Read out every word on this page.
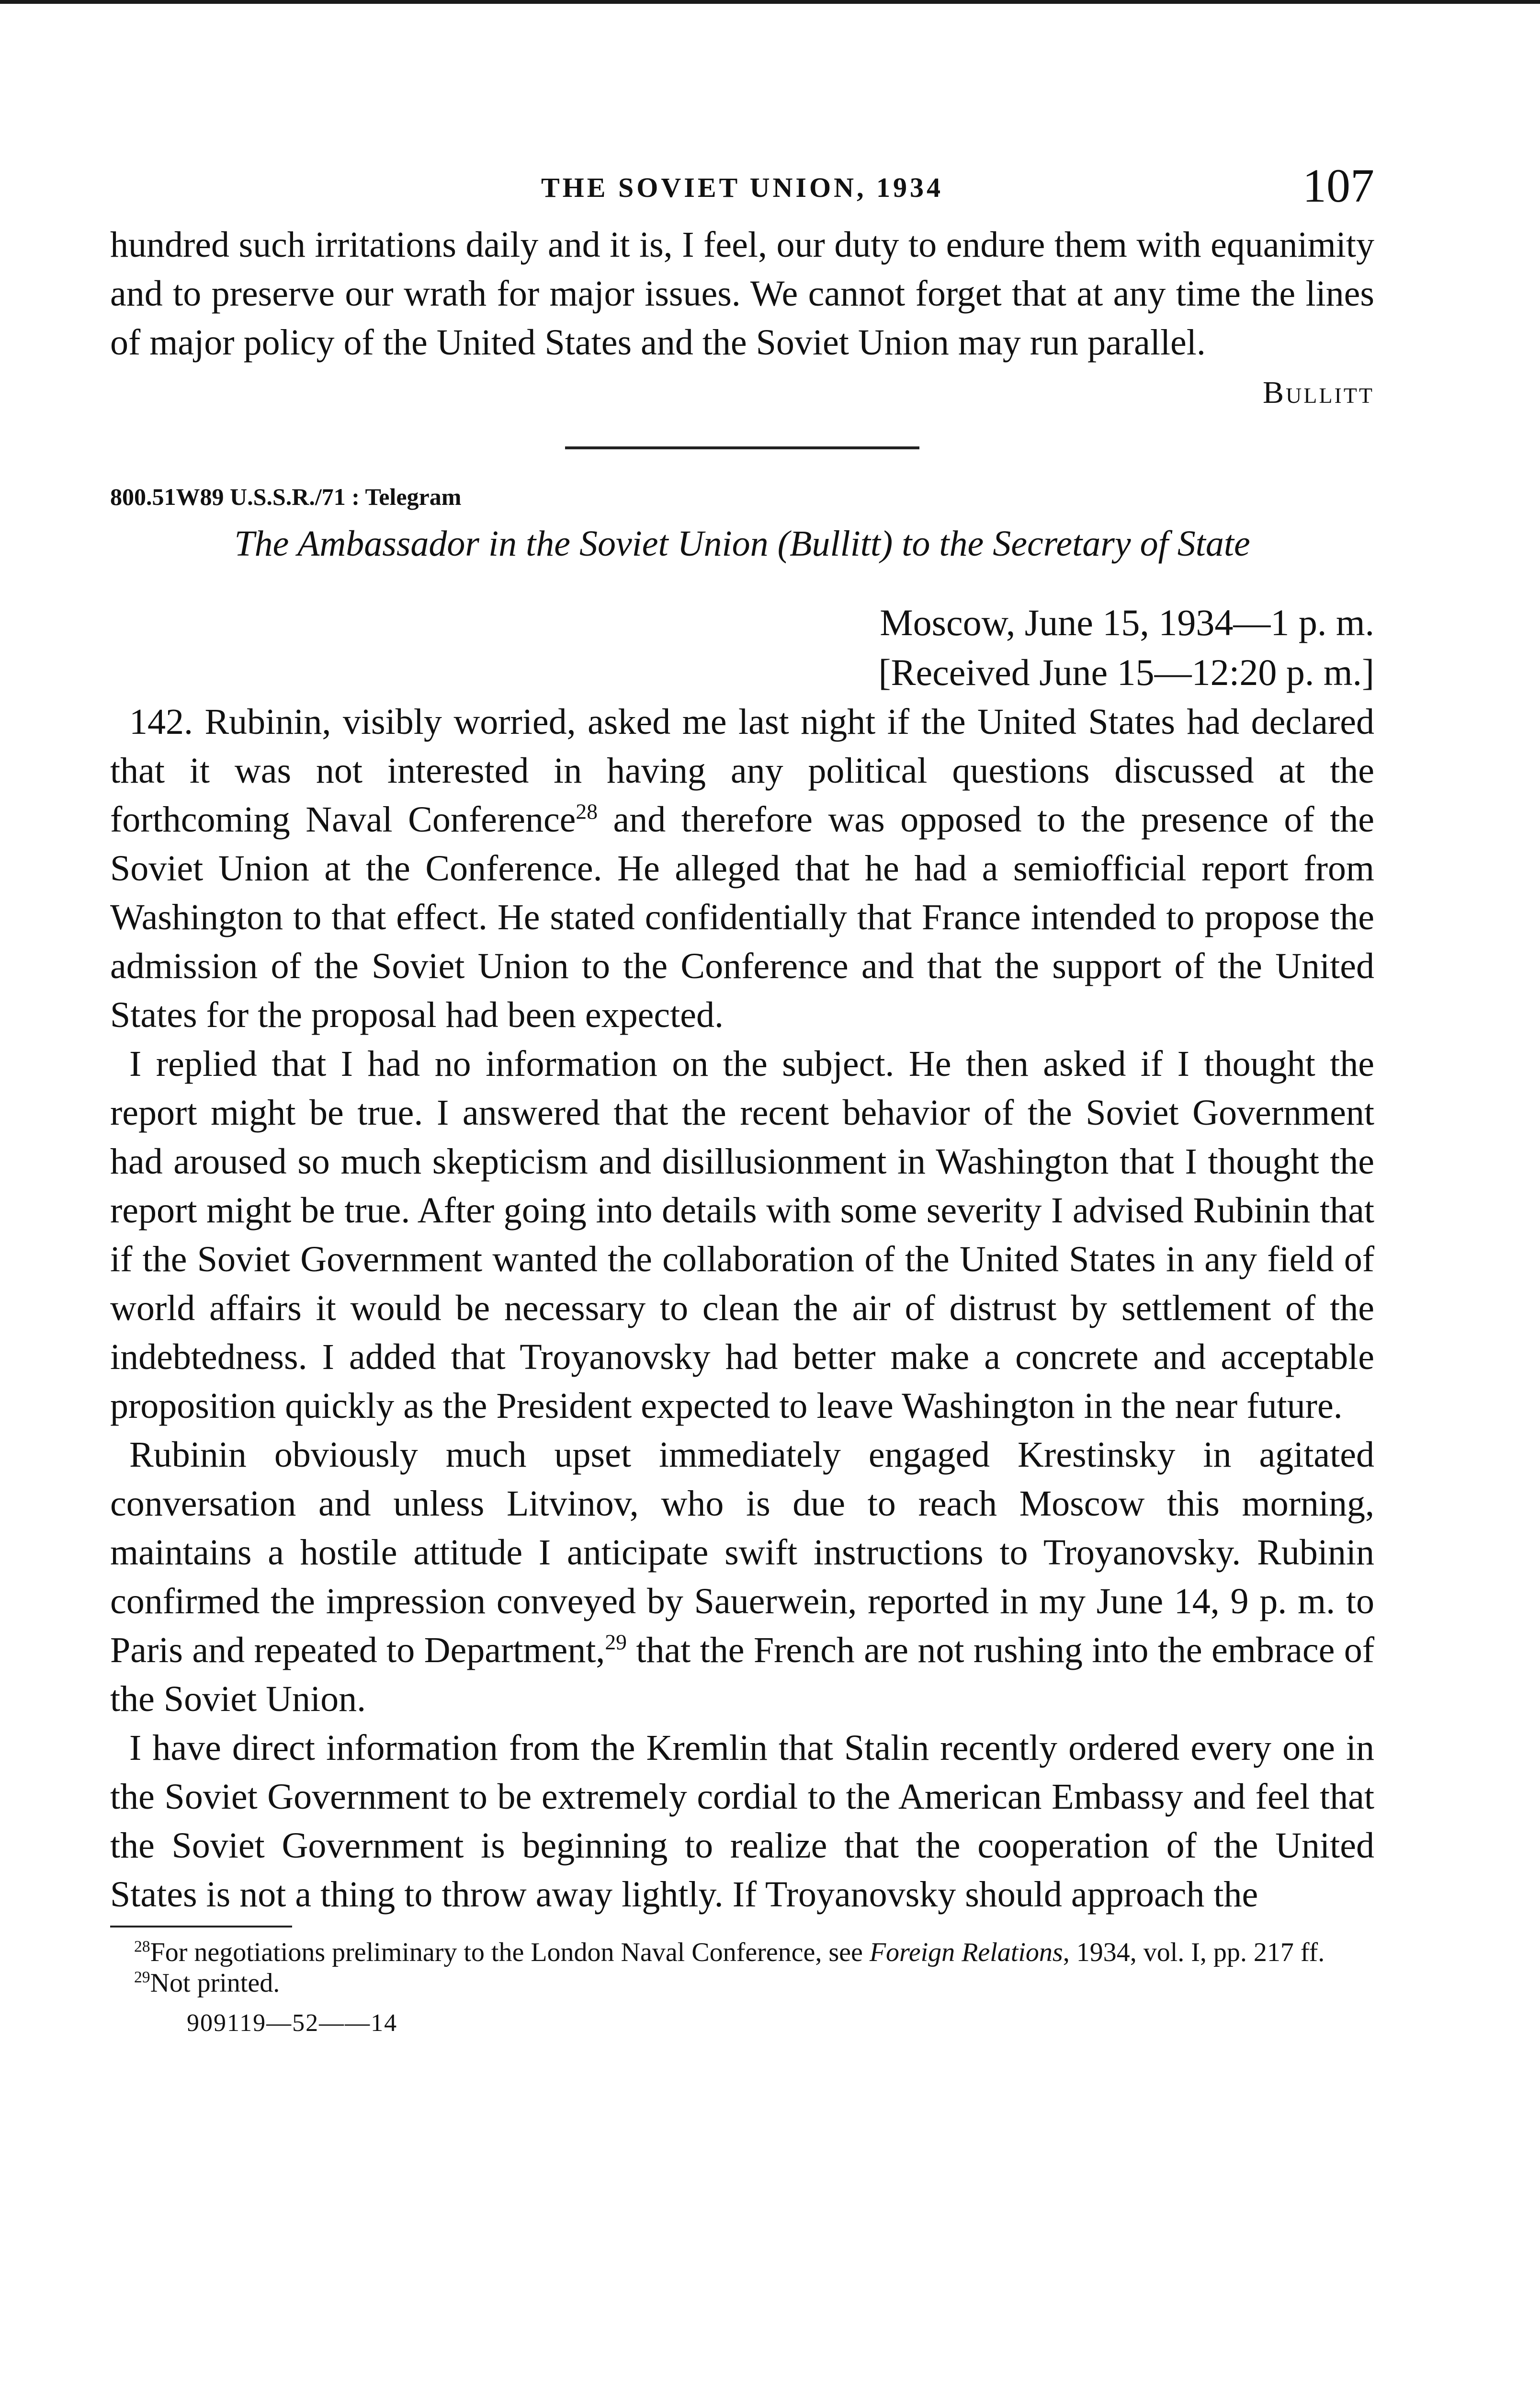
THE SOVIET UNION, 1934	107

hundred such irritations daily and it is, I feel, our duty to endure them with equanimity and to preserve our wrath for major issues. We cannot forget that at any time the lines of major policy of the United States and the Soviet Union may run parallel.

Bullitt
800.51W89 U.S.S.R./71 : Telegram

The Ambassador in the Soviet Union (Bullitt) to the Secretary of State

Moscow, June 15, 1934—1 p. m.
[Received June 15—12:20 p. m.]

142. Rubinin, visibly worried, asked me last night if the United States had declared that it was not interested in having any political questions discussed at the forthcoming Naval Conference$^{28}$ and therefore was opposed to the presence of the Soviet Union at the Conference. He alleged that he had a semiofficial report from Washington to that effect. He stated confidentially that France intended to propose the admission of the Soviet Union to the Conference and that the support of the United States for the proposal had been expected.

I replied that I had no information on the subject. He then asked if I thought the report might be true. I answered that the recent behavior of the Soviet Government had aroused so much skepticism and disillusionment in Washington that I thought the report might be true. After going into details with some severity I advised Rubinin that if the Soviet Government wanted the collaboration of the United States in any field of world affairs it would be necessary to clean the air of distrust by settlement of the indebtedness. I added that Troyanovsky had better make a concrete and acceptable proposition quickly as the President expected to leave Washington in the near future.

Rubinin obviously much upset immediately engaged Krestinsky in agitated conversation and unless Litvinov, who is due to reach Moscow this morning, maintains a hostile attitude I anticipate swift instructions to Troyanovsky. Rubinin confirmed the impression conveyed by Sauerwein, reported in my June 14, 9 p. m. to Paris and repeated to Department,$^{29}$ that the French are not rushing into the embrace of the Soviet Union.

I have direct information from the Kremlin that Stalin recently ordered every one in the Soviet Government to be extremely cordial to the American Embassy and feel that the Soviet Government is beginning to realize that the cooperation of the United States is not a thing to throw away lightly. If Troyanovsky should approach the

$^{28}$For negotiations preliminary to the London Naval Conference, see Foreign Relations, 1934, vol. I, pp. 217 ff.

$^{29}$Not printed.

909119—52——14
